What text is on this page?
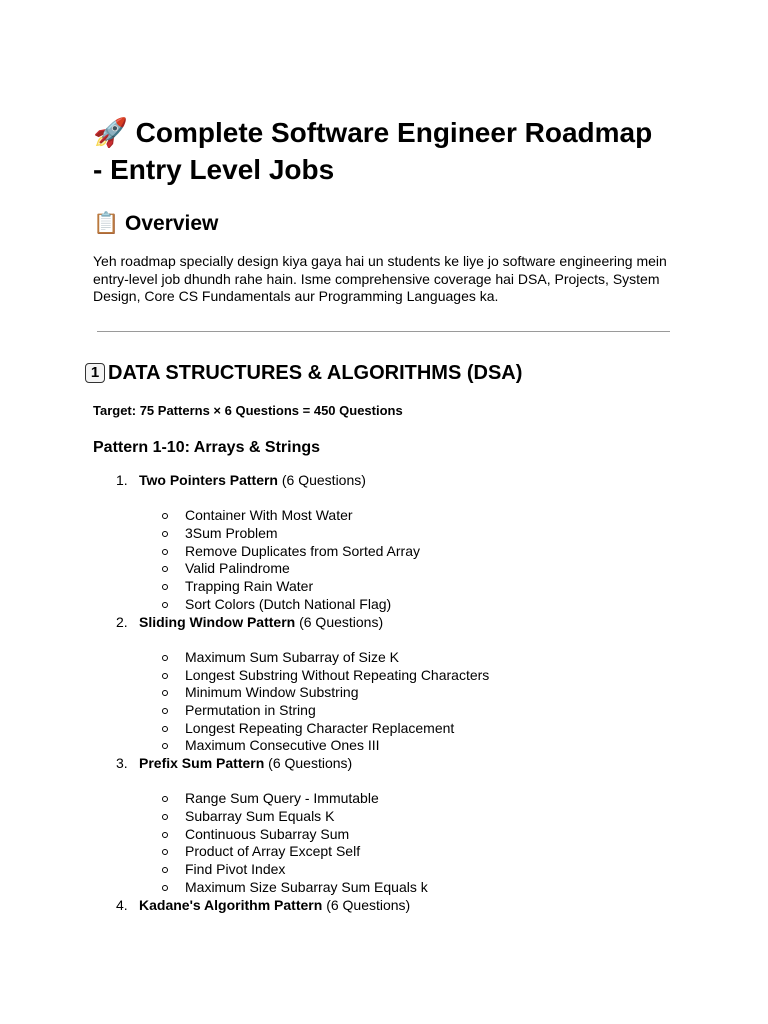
🚀 Complete Software Engineer Roadmap - Entry Level Jobs
📋 Overview

Yeh roadmap specially design kiya gaya hai un students ke liye jo software engineering mein entry-level job dhundh rahe hain. Isme comprehensive coverage hai DSA, Projects, System Design, Core CS Fundamentals aur Programming Languages ka.

1 DATA STRUCTURES & ALGORITHMS (DSA)

Target: 75 Patterns × 6 Questions = 450 Questions

Pattern 1-10: Arrays & Strings
1. Two Pointers Pattern (6 Questions)
Container With Most Water
3Sum Problem
Remove Duplicates from Sorted Array
Valid Palindrome
Trapping Rain Water
Sort Colors (Dutch National Flag)
2. Sliding Window Pattern (6 Questions)
Maximum Sum Subarray of Size K
Longest Substring Without Repeating Characters
Minimum Window Substring
Permutation in String
Longest Repeating Character Replacement
Maximum Consecutive Ones III
3. Prefix Sum Pattern (6 Questions)
Range Sum Query - Immutable
Subarray Sum Equals K
Continuous Subarray Sum
Product of Array Except Self
Find Pivot Index
Maximum Size Subarray Sum Equals k
4. Kadane's Algorithm Pattern (6 Questions)
